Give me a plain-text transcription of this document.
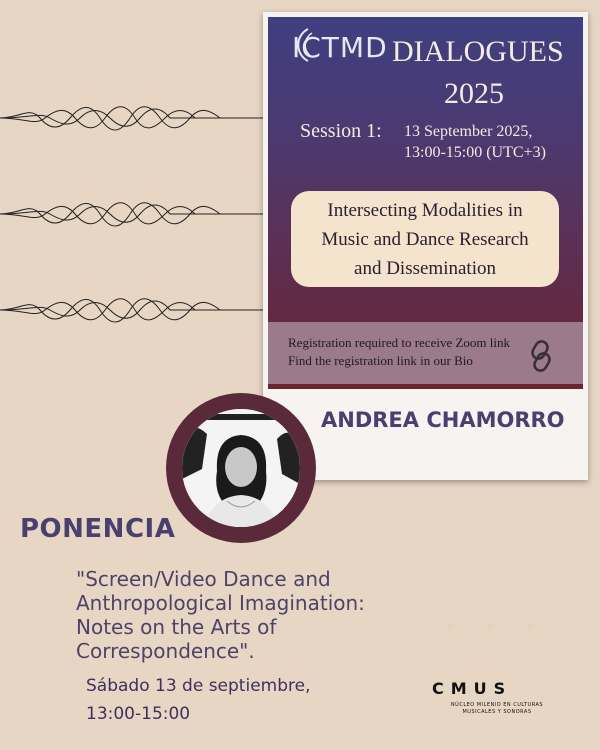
ICTMD DIALOGUES
2025
Session 1: 13 September 2025,
13:00-15:00 (UTC+3)
Intersecting Modalities in
Music and Dance Research
and Dissemination
Registration required to receive Zoom link
Find the registration link in our Bio
ANDREA CHAMORRO
PONENCIA
"Screen/Video Dance and
Anthropological Imagination:
Notes on the Arts of
Correspondence".
Sábado 13 de septiembre,
13:00-15:00
+ + +
CMUS
NÚCLEO MILENIO EN CULTURAS
MUSICALES Y SONORAS
